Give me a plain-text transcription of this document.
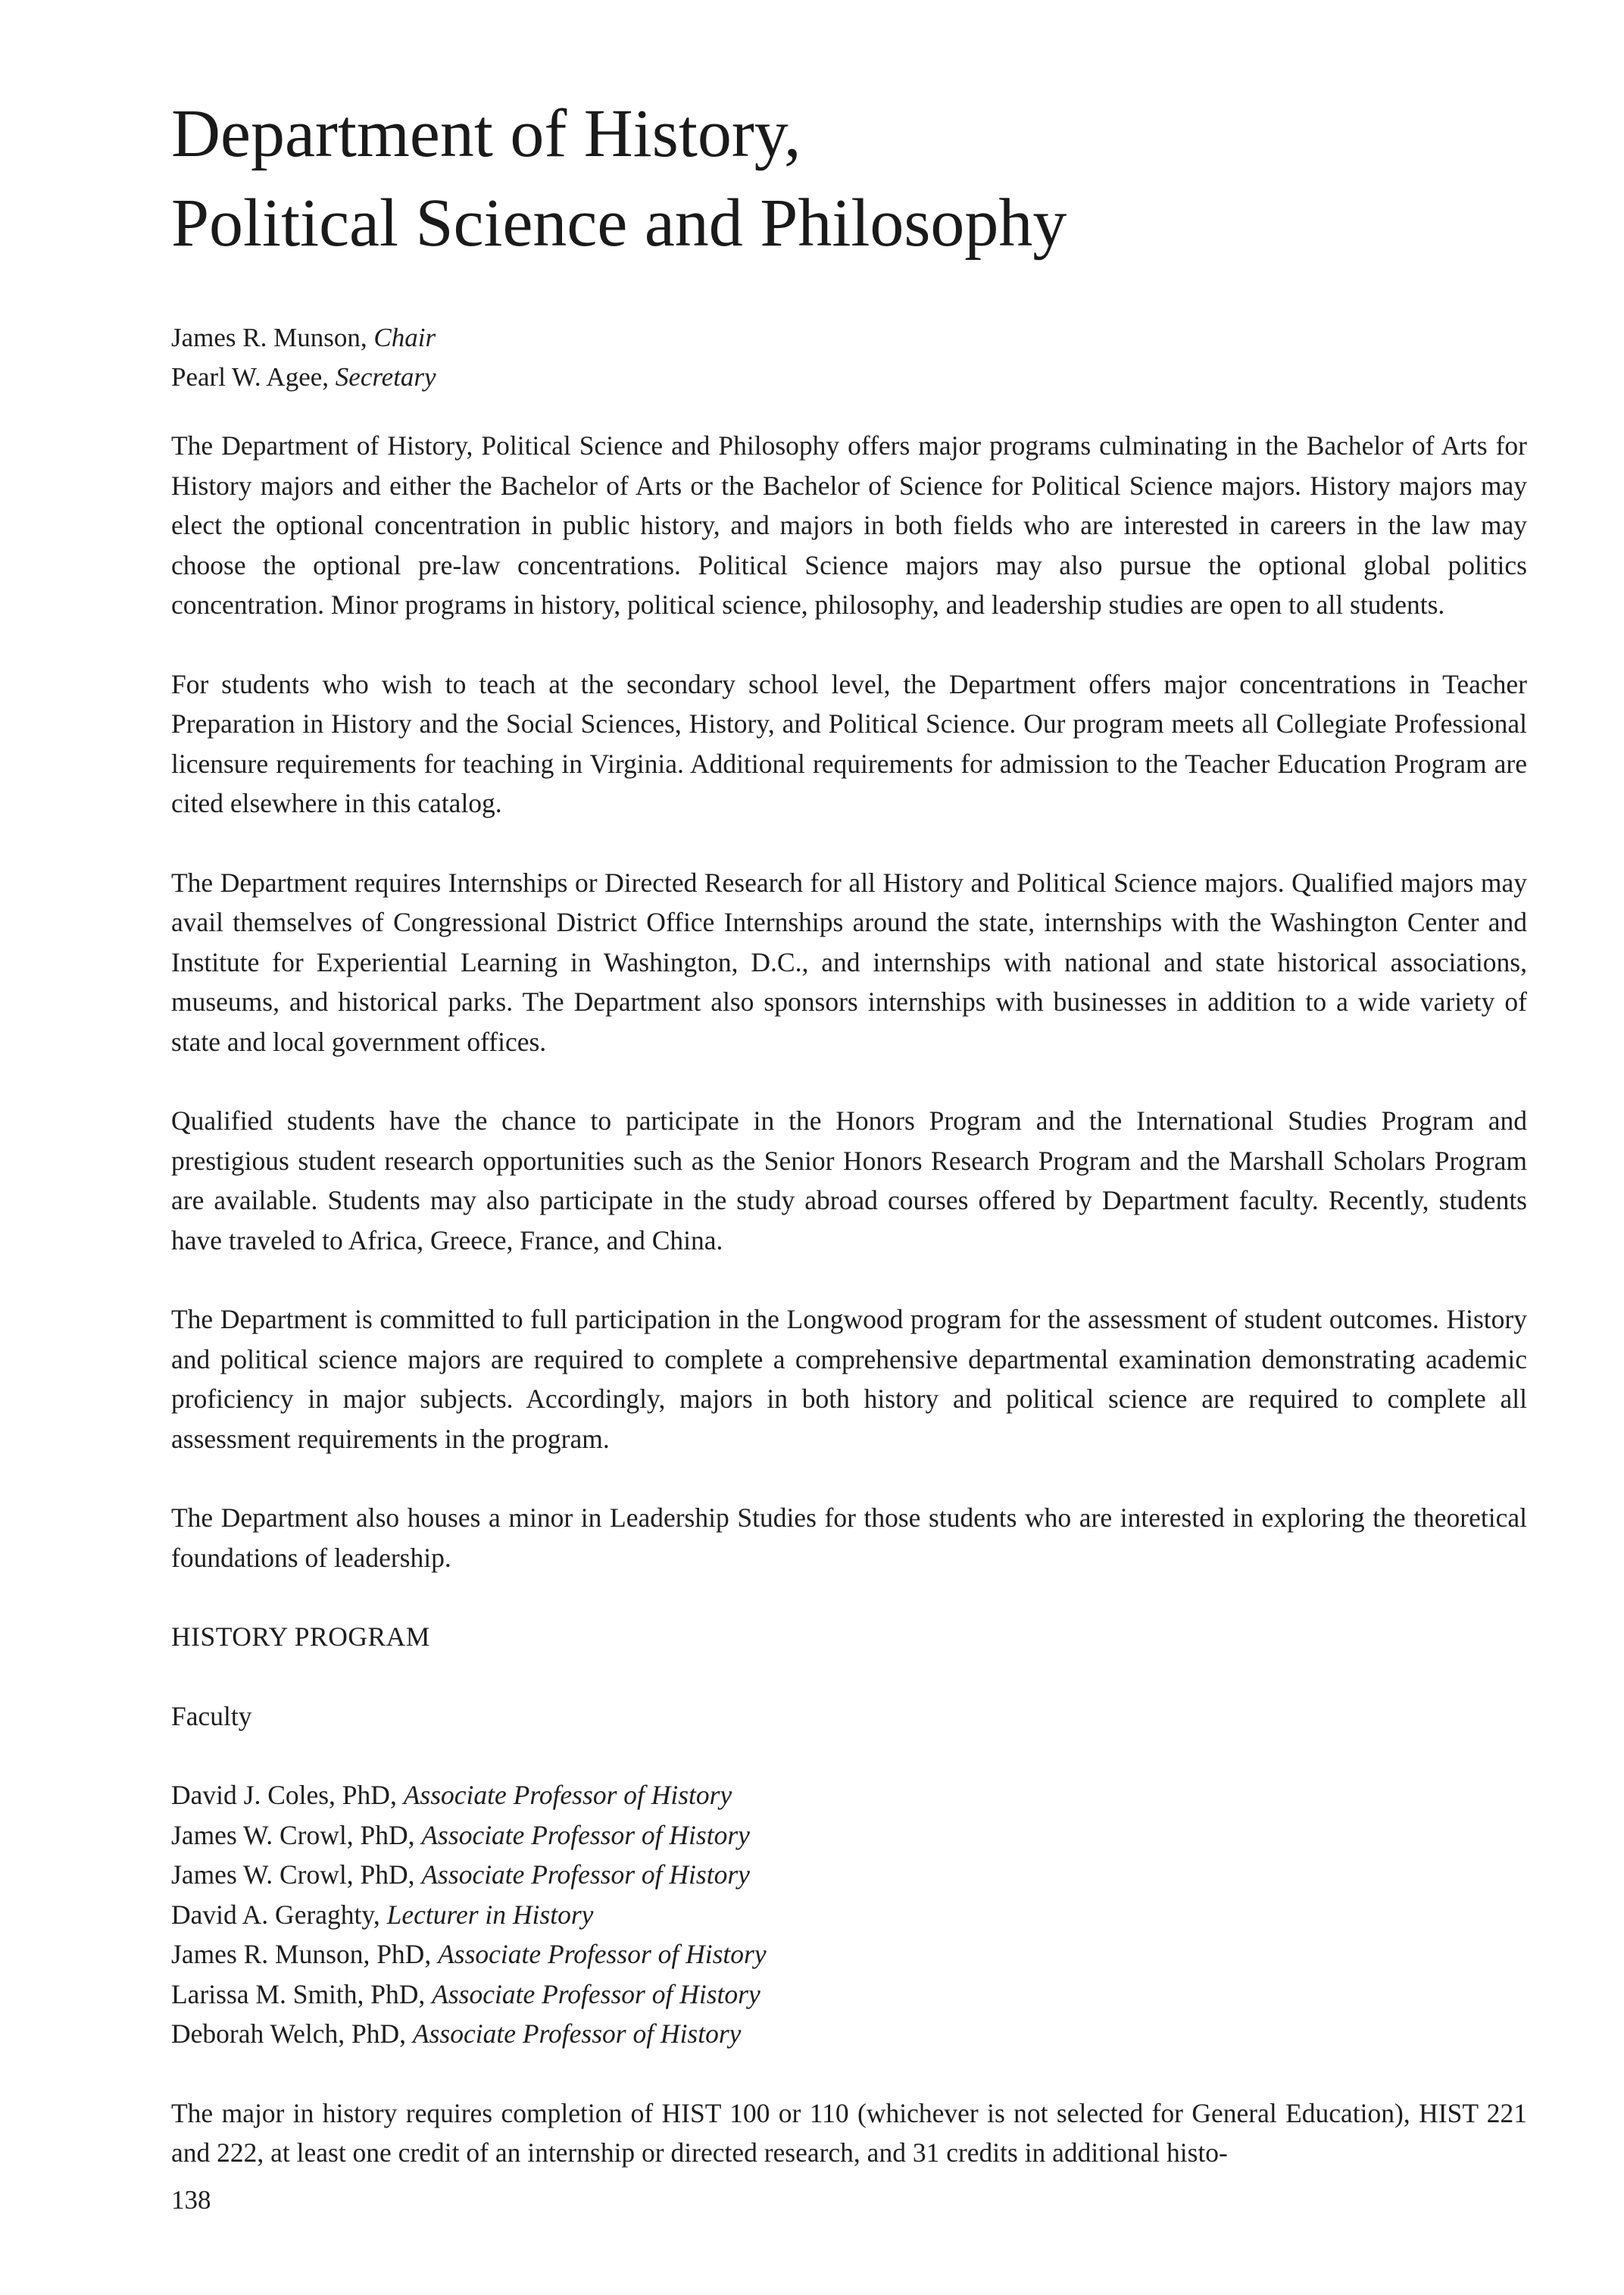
Department of History,
Political Science and Philosophy
James R. Munson, Chair
Pearl W. Agee, Secretary

The Department of History, Political Science and Philosophy offers major programs culminating in the Bachelor of Arts for History majors and either the Bachelor of Arts or the Bachelor of Science for Political Science majors. History majors may elect the optional concentration in public history, and majors in both fields who are interested in careers in the law may choose the optional pre-law concentrations. Political Science majors may also pursue the optional global politics concentration. Minor programs in history, political science, philosophy, and leadership studies are open to all students.

For students who wish to teach at the secondary school level, the Department offers major concentrations in Teacher Preparation in History and the Social Sciences, History, and Political Science. Our program meets all Collegiate Professional licensure requirements for teaching in Virginia. Additional requirements for admission to the Teacher Education Program are cited elsewhere in this catalog.

The Department requires Internships or Directed Research for all History and Political Science majors. Qualified majors may avail themselves of Congressional District Office Internships around the state, internships with the Washington Center and Institute for Experiential Learning in Washington, D.C., and internships with national and state historical associations, museums, and historical parks. The Department also sponsors internships with businesses in addition to a wide variety of state and local government offices.

Qualified students have the chance to participate in the Honors Program and the International Studies Program and prestigious student research opportunities such as the Senior Honors Research Program and the Marshall Scholars Program are available. Students may also participate in the study abroad courses offered by Department faculty. Recently, students have traveled to Africa, Greece, France, and China.

The Department is committed to full participation in the Longwood program for the assessment of student outcomes. History and political science majors are required to complete a comprehensive departmental examination demonstrating academic proficiency in major subjects. Accordingly, majors in both history and political science are required to complete all assessment requirements in the program.

The Department also houses a minor in Leadership Studies for those students who are interested in exploring the theoretical foundations of leadership.

HISTORY PROGRAM
Faculty
David J. Coles, PhD, Associate Professor of History
James W. Crowl, PhD, Associate Professor of History
James W. Crowl, PhD, Associate Professor of History
David A. Geraghty, Lecturer in History
James R. Munson, PhD, Associate Professor of History
Larissa M. Smith, PhD, Associate Professor of History
Deborah Welch, PhD, Associate Professor of History

The major in history requires completion of HIST 100 or 110 (whichever is not selected for General Education), HIST 221 and 222, at least one credit of an internship or directed research, and 31 credits in additional histo-

138
